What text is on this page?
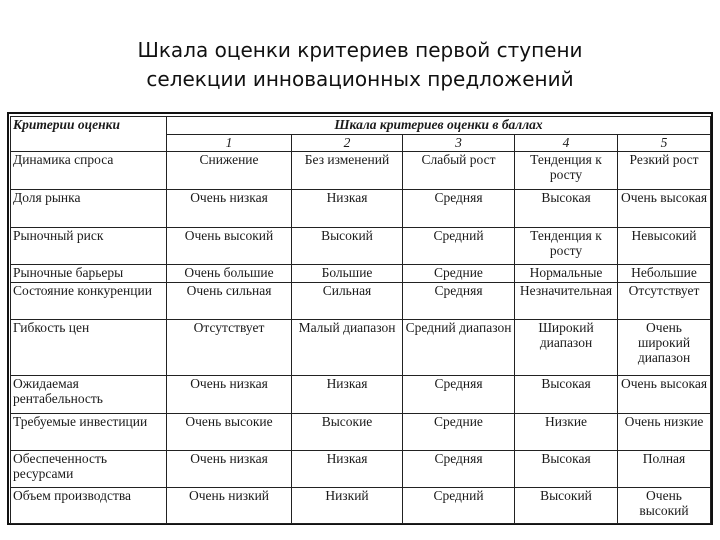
Шкала оценки критериев первой ступени
селекции инновационных предложений
Критерии оценки	Шкала критериев оценки в баллах				
	1	2	3	4	5
Динамика спроса	Снижение	Без изменений	Слабый рост	Тенденция к росту	Резкий рост
Доля рынка	Очень низкая	Низкая	Средняя	Высокая	Очень высокая
Рыночный риск	Очень высокий	Высокий	Средний	Тенденция к росту	Невысокий
Рыночные барьеры	Очень большие	Большие	Средние	Нормальные	Небольшие
Состояние конкуренции	Очень сильная	Сильная	Средняя	Незначительная	Отсутствует
Гибкость цен	Отсутствует	Малый диапазон	Средний диапазон	Широкий диапазон	Очень широкий диапазон
Ожидаемая рентабельность	Очень низкая	Низкая	Средняя	Высокая	Очень высокая
Требуемые инвестиции	Очень высокие	Высокие	Средние	Низкие	Очень низкие
Обеспеченность ресурсами	Очень низкая	Низкая	Средняя	Высокая	Полная
Объем производства	Очень низкий	Низкий	Средний	Высокий	Очень высокий
